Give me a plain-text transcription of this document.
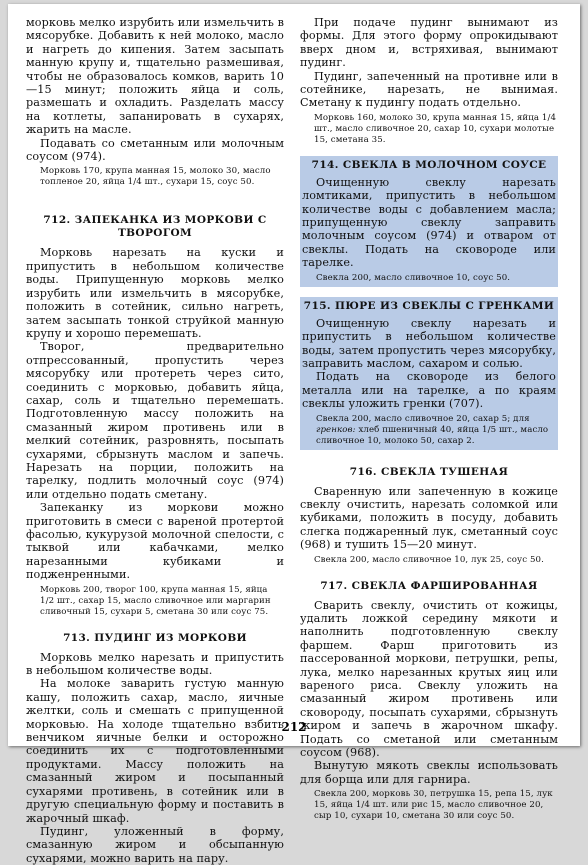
морковь мелко изрубить или измельчить в мясорубке. Добавить к ней молоко, масло и нагреть до кипения. Затем засыпать манную крупу и, тщательно размешивая, чтобы не образовалось комков, варить 10—15 минут; положить яйца и соль, размешать и охладить. Разделать массу на котлеты, запанировать в сухарях, жарить на масле.

Подавать со сметанным или молочным соусом (974).

Морковь 170, крупа манная 15, молоко 30, масло топленое 20, яйца 1/4 шт., сухари 15, соус 50.

712. ЗАПЕКАНКА ИЗ МОРКОВИ С ТВОРОГОМ

Морковь нарезать на куски и припустить в небольшом количестве воды. Припущенную морковь мелко изрубить или измельчить в мясорубке, положить в сотейник, сильно нагреть, затем засыпать тонкой струйкой манную крупу и хорошо перемешать.

Творог, предварительно отпрессованный, пропустить через мясорубку или протереть через сито, соединить с морковью, добавить яйца, сахар, соль и тщательно перемешать. Подготовленную массу положить на смазанный жиром противень или в мелкий сотейник, разровнять, посыпать сухарями, сбрызнуть маслом и запечь. Нарезать на порции, положить на тарелку, подлить молочный соус (974) или отдельно подать сметану.

Запеканку из моркови можно приготовить в смеси с вареной протертой фасолью, кукурузой молочной спелости, с тыквой или кабачками, мелко нарезанными кубиками и подженренными.

Морковь 200, творог 100, крупа манная 15, яйца 1/2 шт., сахар 15, масло сливочное или маргарин сливочный 15, сухари 5, сметана 30 или соус 75.

713. ПУДИНГ ИЗ МОРКОВИ

Морковь мелко нарезать и припустить в небольшом количестве воды.

На молоке заварить густую манную кашу, положить сахар, масло, яичные желтки, соль и смешать с припущенной морковью. На холоде тщательно взбить венчиком яичные белки и осторожно соединить их с подготовленными продуктами. Массу положить на смазанный жиром и посыпанный сухарями противень, в сотейник или в другую специальную форму и поставить в жарочный шкаф.

Пудинг, уложенный в форму, смазанную жиром и обсыпанную сухарями, можно варить на пару.

При подаче пудинг вынимают из формы. Для этого форму опрокидывают вверх дном и, встряхивая, вынимают пудинг.

Пудинг, запеченный на противне или в сотейнике, нарезать, не вынимая. Сметану к пудингу подать отдельно.

Морковь 160, молоко 30, крупа манная 15, яйца 1/4 шт., масло сливочное 20, сахар 10, сухари молотые 15, сметана 35.

714. СВЕКЛА В МОЛОЧНОМ СОУСЕ

Очищенную свеклу нарезать ломтиками, припустить в небольшом количестве воды с добавлением масла; припущенную свеклу заправить молочным соусом (974) и отваром от свеклы. Подать на сковороде или тарелке.

Свекла 200, масло сливочное 10, соус 50.

715. ПЮРЕ ИЗ СВЕКЛЫ С ГРЕНКАМИ

Очищенную свеклу нарезать и припустить в небольшом количестве воды, затем пропустить через мясорубку, заправить маслом, сахаром и солью.

Подать на сковороде из белого металла или на тарелке, а по краям свеклы уложить гренки (707).

Свекла 200, масло сливочное 20, сахар 5; для гренков: хлеб пшеничный 40, яйца 1/5 шт., масло сливочное 10, молоко 50, сахар 2.

716. СВЕКЛА ТУШЕНАЯ

Сваренную или запеченную в кожице свеклу очистить, нарезать соломкой или кубиками, положить в посуду, добавить слегка поджаренный лук, сметанный соус (968) и тушить 15—20 минут.

Свекла 200, масло сливочное 10, лук 25, соус 50.

717. СВЕКЛА ФАРШИРОВАННАЯ

Сварить свеклу, очистить от кожицы, удалить ложкой середину мякоти и наполнить подготовленную свеклу фаршем. Фарш приготовить из пассерованной моркови, петрушки, репы, лука, мелко нарезанных крутых яиц или вареного риса. Свеклу уложить на смазанный жиром противень или сковороду, посыпать сухарями, сбрызнуть жиром и запечь в жарочном шкафу. Подать со сметаной или сметанным соусом (968).

Вынутую мякоть свеклы использовать для борща или для гарнира.

Свекла 200, морковь 30, петрушка 15, репа 15, лук 15, яйца 1/4 шт. или рис 15, масло сливочное 20, сыр 10, сухари 10, сметана 30 или соус 50.

212
